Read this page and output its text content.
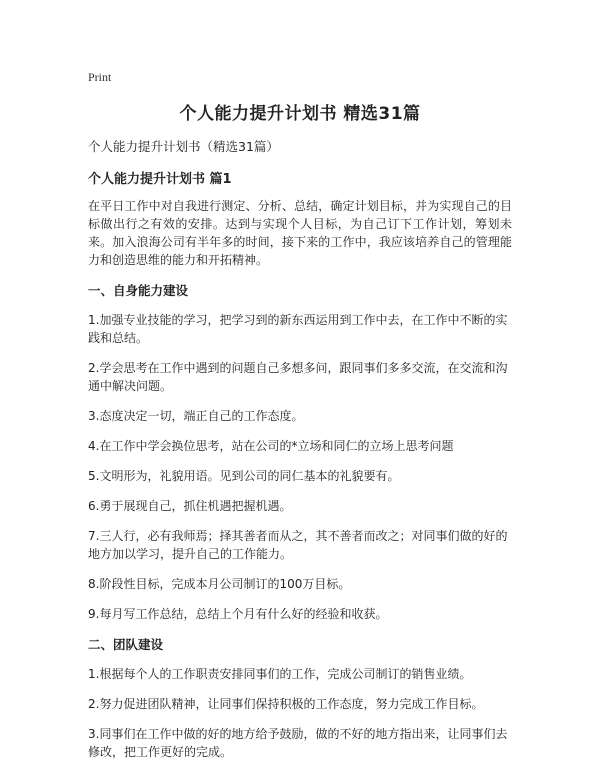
Print
个人能力提升计划书 精选31篇
个人能力提升计划书（精选31篇）
个人能力提升计划书 篇1
在平日工作中对自我进行测定、分析、总结，确定计划目标，并为实现自己的目标做出行之有效的安排。达到与实现个人目标，为自己订下工作计划，筹划未来。加入浪海公司有半年多的时间，接下来的工作中，我应该培养自己的管理能力和创造思维的能力和开拓精神。
一、自身能力建设
1.加强专业技能的学习，把学习到的新东西运用到工作中去，在工作中不断的实践和总结。
2.学会思考在工作中遇到的问题自己多想多问，跟同事们多多交流，在交流和沟通中解决问题。
3.态度决定一切，端正自己的工作态度。
4.在工作中学会换位思考，站在公司的*立场和同仁的立场上思考问题
5.文明形为，礼貌用语。见到公司的同仁基本的礼貌要有。
6.勇于展现自己，抓住机遇把握机遇。
7.三人行，必有我师焉；择其善者而从之，其不善者而改之；对同事们做的好的地方加以学习，提升自己的工作能力。
8.阶段性目标，完成本月公司制订的100万目标。
9.每月写工作总结，总结上个月有什么好的经验和收获。
二、团队建设
1.根据每个人的工作职责安排同事们的工作，完成公司制订的销售业绩。
2.努力促进团队精神，让同事们保持积极的工作态度，努力完成工作目标。
3.同事们在工作中做的好的地方给予鼓励，做的不好的地方指出来，让同事们去修改，把工作更好的完成。
